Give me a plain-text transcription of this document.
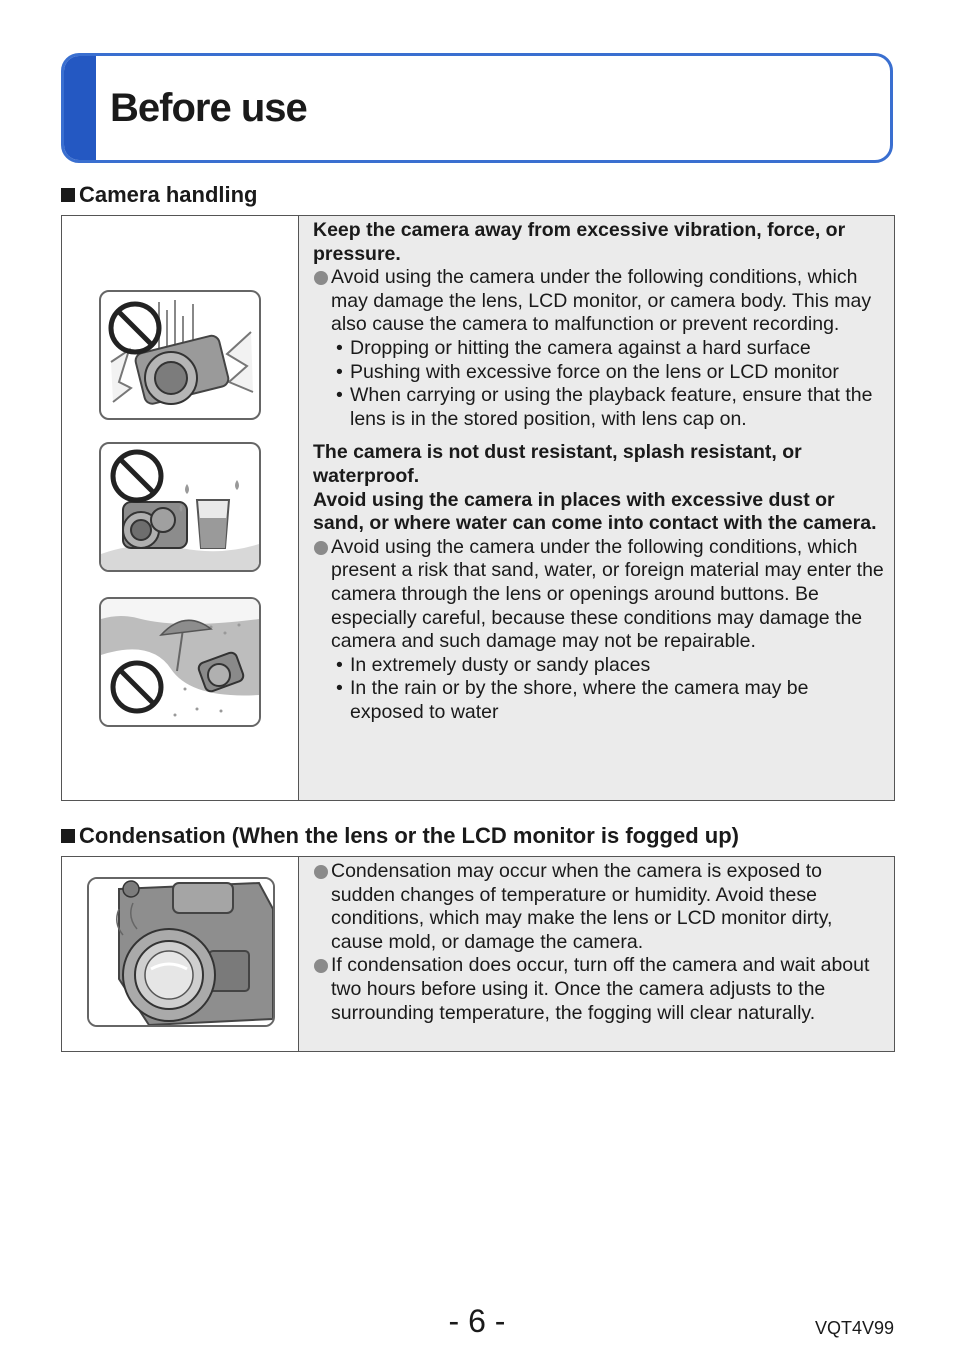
Before use
Camera handling
Keep the camera away from excessive vibration, force, or pressure.
Avoid using the camera under the following conditions, which may damage the lens, LCD monitor, or camera body. This may also cause the camera to malfunction or prevent recording.
• Dropping or hitting the camera against a hard surface
• Pushing with excessive force on the lens or LCD monitor
• When carrying or using the playback feature, ensure that the lens is in the stored position, with lens cap on.
The camera is not dust resistant, splash resistant, or waterproof.
Avoid using the camera in places with excessive dust or sand, or where water can come into contact with the camera.
Avoid using the camera under the following conditions, which present a risk that sand, water, or foreign material may enter the camera through the lens or openings around buttons. Be especially careful, because these conditions may damage the camera and such damage may not be repairable.
• In extremely dusty or sandy places
• In the rain or by the shore, where the camera may be exposed to water
Condensation (When the lens or the LCD monitor is fogged up)
Condensation may occur when the camera is exposed to sudden changes of temperature or humidity. Avoid these conditions, which may make the lens or LCD monitor dirty, cause mold, or damage the camera.
If condensation does occur, turn off the camera and wait about two hours before using it. Once the camera adjusts to the surrounding temperature, the fogging will clear naturally.
- 6 -	VQT4V99
